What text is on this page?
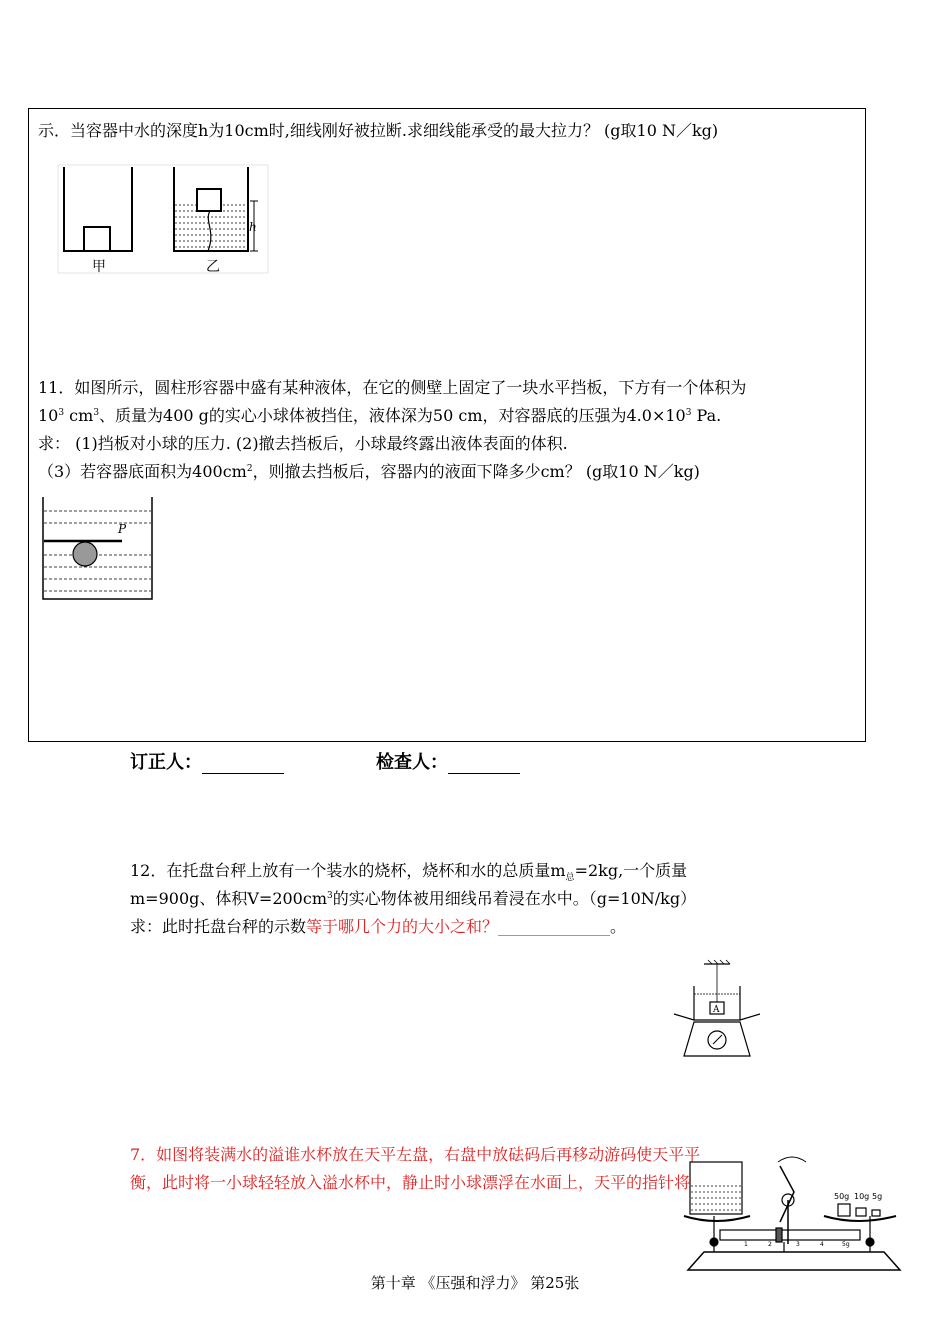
示．当容器中水的深度h为10cm时,细线刚好被拉断.求细线能承受的最大拉力？ (g取10 N／kg)
甲
h
乙
11．如图所示，圆柱形容器中盛有某种液体，在它的侧壁上固定了一块水平挡板，下方有一个体积为
$10^3$ $cm^3$、质量为400 g的实心小球体被挡住，液体深为50 cm，对容器底的压强为$4.0\times 10^3$ Pa.
求： (1)挡板对小球的压力. (2)撤去挡板后，小球最终露出液体表面的体积.
（3）若容器底面积为$400cm^2$，则撤去挡板后，容器内的液面下降多少cm？ (g取10 N／kg)
P
订正人：	检查人：
12．在托盘台秤上放有一个装水的烧杯，烧杯和水的总质量$m_总=2kg$,一个质量
m=900g、体积$V=200cm^3$的实心物体被用细线吊着浸在水中。（g=10N/kg）
求：此时托盘台秤的示数等于哪几个力的大小之和？______________。
A
7．如图将装满水的溢谁水杯放在天平左盘，右盘中放砝码后再移动游码使天平平
衡，此时将一小球轻轻放入溢水杯中，静止时小球漂浮在水面上，天平的指针将
50g 10g 5g
1	2	3	4	5g
第十章 《压强和浮力》 第25张
